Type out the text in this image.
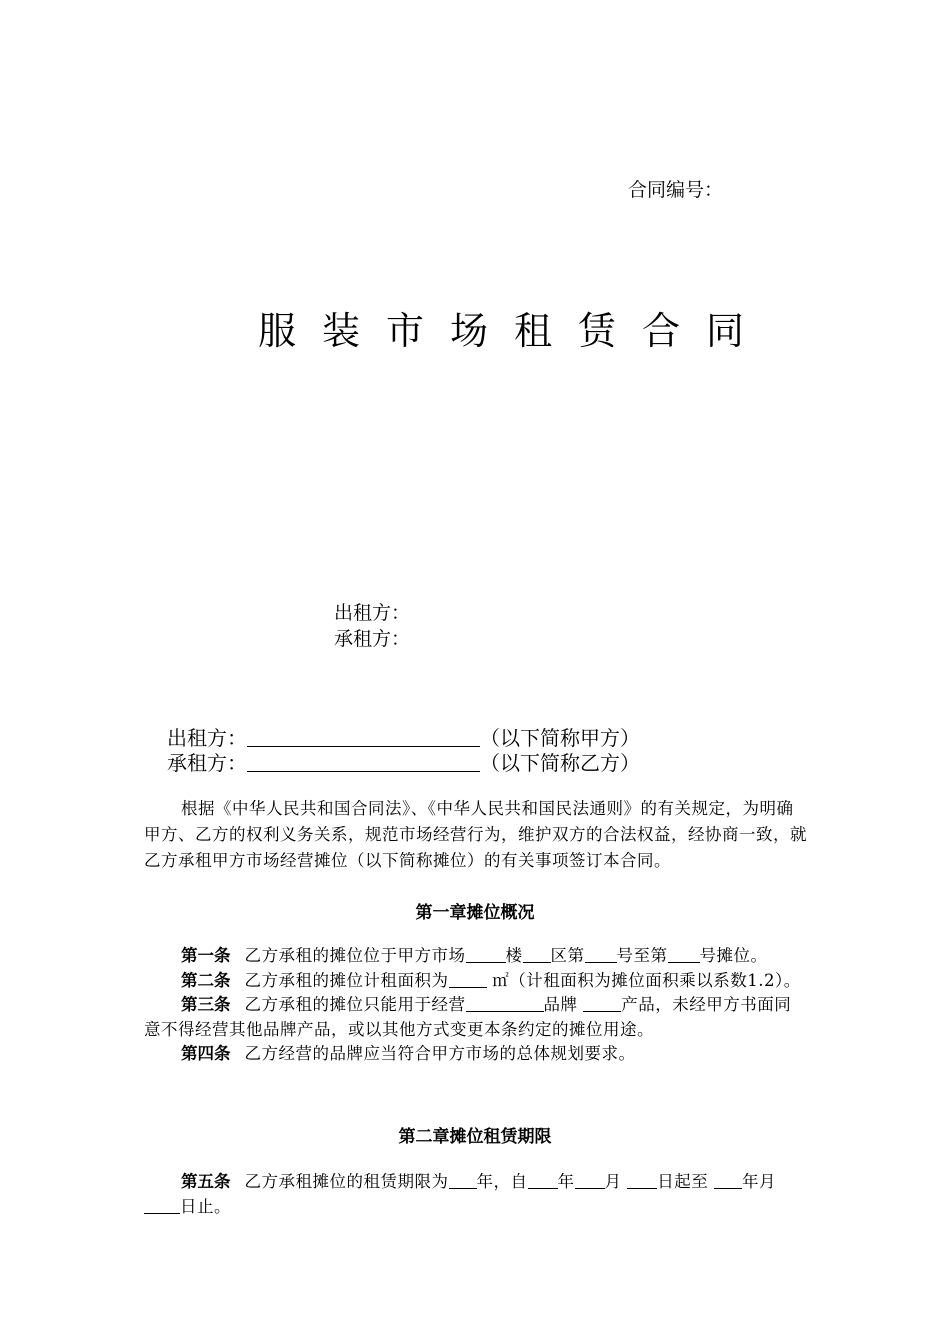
合同编号：
服装市场租赁合同
出租方：
承租方：
出租方：	（以下简称甲方）
承租方：	（以下简称乙方）
根据《中华人民共和国合同法》、《中华人民共和国民法通则》的有关规定，为明确甲方、乙方的权利义务关系，规范市场经营行为，维护双方的合法权益，经协商一致，就乙方承租甲方市场经营摊位（以下简称摊位）的有关事项签订本合同。
第一章摊位概况

第一条 乙方承租的摊位位于甲方市场 楼 区第 号至第 号摊位。

第二条 乙方承租的摊位计租面积为	㎡（计租面积为摊位面积乘以系数1.2）。

第三条 乙方承租的摊位只能用于经营	品牌	产品，未经甲方书面同意不得经营其他品牌产品，或以其他方式变更本条约定的摊位用途。

第四条 乙方经营的品牌应当符合甲方市场的总体规划要求。

第二章摊位租赁期限

第五条 乙方承租摊位的租赁期限为 年，自 年 月 日起至 年月日止。
